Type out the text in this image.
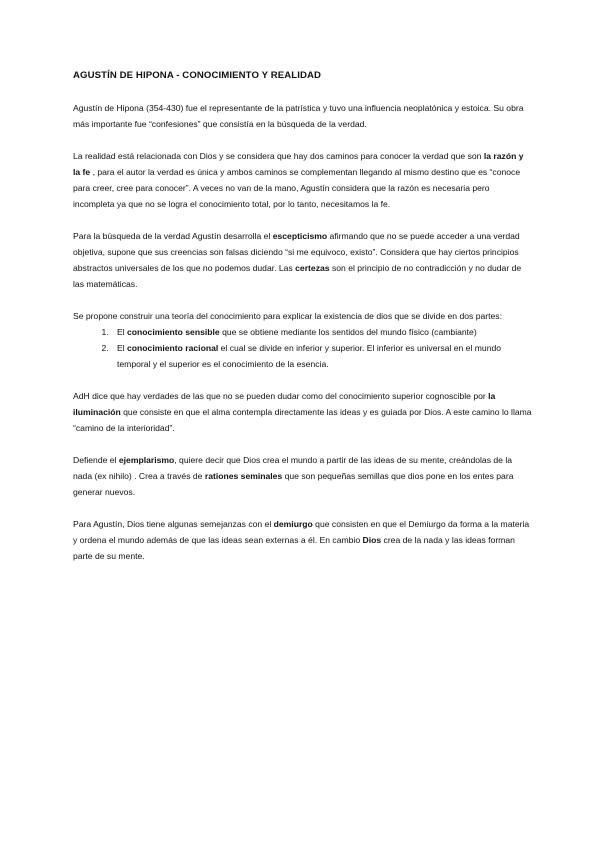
AGUSTÍN DE HIPONA - CONOCIMIENTO Y REALIDAD

Agustín de Hipona (354-430) fue el representante de la patrística y tuvo una influencia neoplatónica y estoica. Su obra más importante fue “confesiones” que consistía en la búsqueda de la verdad.

La realidad está relacionada con Dios y se considera que hay dos caminos para conocer la verdad que son la razón y la fe , para el autor la verdad es única y ambos caminos se complementan llegando al mismo destino que es “conoce para creer, cree para conocer”. A veces no van de la mano, Agustín considera que la razón es necesaria pero incompleta ya que no se logra el conocimiento total, por lo tanto, necesitamos la fe.

Para la búsqueda de la verdad Agustín desarrolla el escepticismo afirmando que no se puede acceder a una verdad objetiva, supone que sus creencias son falsas diciendo “si me equivoco, existo”. Considera que hay ciertos principios abstractos universales de los que no podemos dudar. Las certezas son el principio de no contradicción y no dudar de las matemáticas.

Se propone construir una teoría del conocimiento para explicar la existencia de dios que se divide en dos partes:

1. El conocimiento sensible que se obtiene mediante los sentidos del mundo físico (cambiante)
2. El conocimiento racional el cual se divide en inferior y superior. El inferior es universal en el mundo temporal y el superior es el conocimiento de la esencia.

AdH dice que hay verdades de las que no se pueden dudar como del conocimiento superior cognoscible por la iluminación que consiste en que el alma contempla directamente las ideas y es guiada por Dios. A este camino lo llama “camino de la interioridad”.

Defiende el ejemplarismo, quiere decir que Dios crea el mundo a partir de las ideas de su mente, creándolas de la nada (ex nihilo) . Crea a través de rationes seminales que son pequeñas semillas que dios pone en los entes para generar nuevos.

Para Agustín, Dios tiene algunas semejanzas con el demiurgo que consisten en que el Demiurgo da forma a la materia y ordena el mundo además de que las ideas sean externas a él. En cambio Dios crea de la nada y las ideas forman parte de su mente.
